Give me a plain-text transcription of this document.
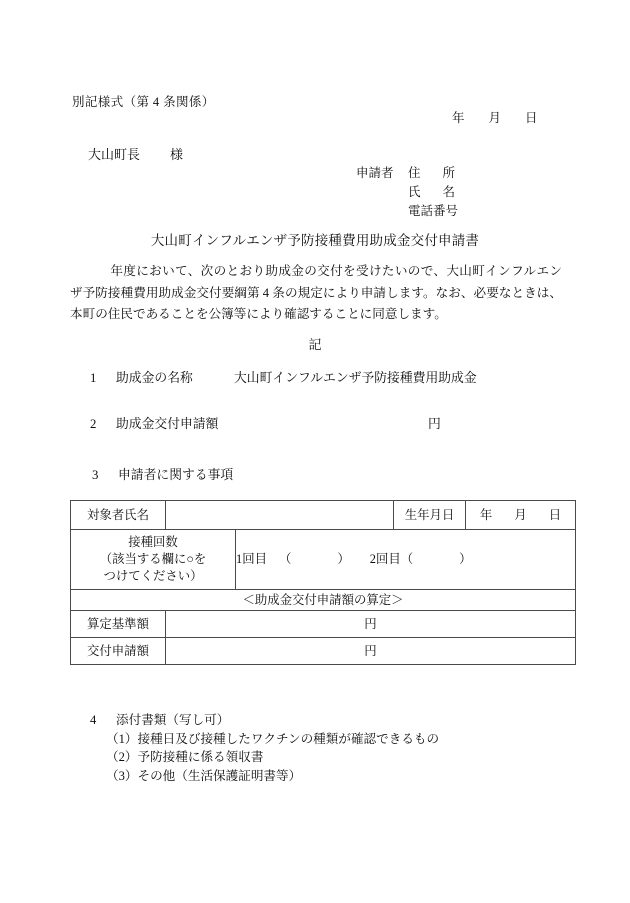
別記様式（第 4 条関係）
年 月 日
大山町長 様
申請者 住 所
氏 名
電話番号
大山町インフルエンザ予防接種費用助成金交付申請書
年度において、次のとおり助成金の交付を受けたいので、大山町インフルエンザ予防接種費用助成金交付要綱第 4 条の規定により申請します。なお、必要なときは、本町の住民であることを公簿等により確認することに同意します。
記
1 助成金の名称	大山町インフルエンザ予防接種費用助成金
2 助成金交付申請額	円
3 申請者に関する事項
対象者氏名			生年月日	年 月 日

接種回数
（該当する欄に○を
つけてください）		1回目 （ ） 2回目（ ）		
＜助成金交付申請額の算定＞				
算定基準額	円			
交付申請額	円			
4 添付書類（写し可）
（1）接種日及び接種したワクチンの種類が確認できるもの
（2）予防接種に係る領収書
（3）その他（生活保護証明書等）
